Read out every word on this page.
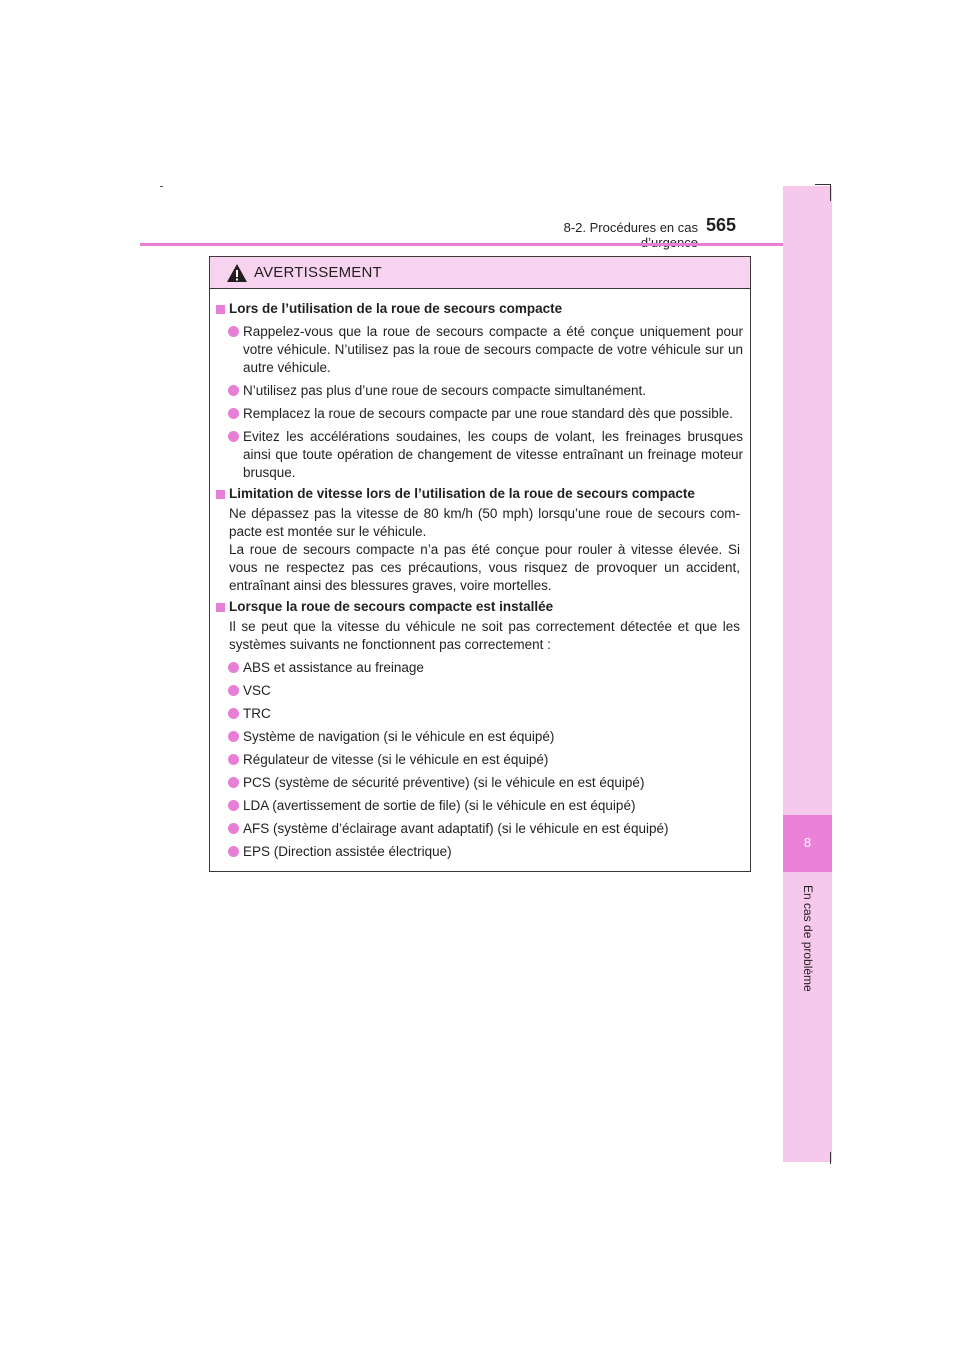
8-2. Procédures en cas 565
8
En cas de problème
AVERTISSEMENT
Lors de l’utilisation de la roue de secours compacte
Rappelez-vous que la roue de secours compacte a été conçue uniquement pour
votre véhicule. N’utilisez pas la roue de secours compacte de votre véhicule sur un
autre véhicule.
N’utilisez pas plus d’une roue de secours compacte simultanément.
Remplacez la roue de secours compacte par une roue standard dès que possible.
Evitez les accélérations soudaines, les coups de volant, les freinages brusques
ainsi que toute opération de changement de vitesse entraînant un freinage moteur
brusque.
Limitation de vitesse lors de l’utilisation de la roue de secours compacte
Ne dépassez pas la vitesse de 80 km/h (50 mph) lorsqu’une roue de secours com-
pacte est montée sur le véhicule.
La roue de secours compacte n’a pas été conçue pour rouler à vitesse élevée. Si
vous ne respectez pas ces précautions, vous risquez de provoquer un accident,
entraînant ainsi des blessures graves, voire mortelles.
Lorsque la roue de secours compacte est installée
Il se peut que la vitesse du véhicule ne soit pas correctement détectée et que les
systèmes suivants ne fonctionnent pas correctement :
ABS et assistance au freinage
VSC
TRC
Système de navigation (si le véhicule en est équipé)
Régulateur de vitesse (si le véhicule en est équipé)
PCS (système de sécurité préventive) (si le véhicule en est équipé)
LDA (avertissement de sortie de file) (si le véhicule en est équipé)
AFS (système d’éclairage avant adaptatif) (si le véhicule en est équipé)
EPS (Direction assistée électrique)
